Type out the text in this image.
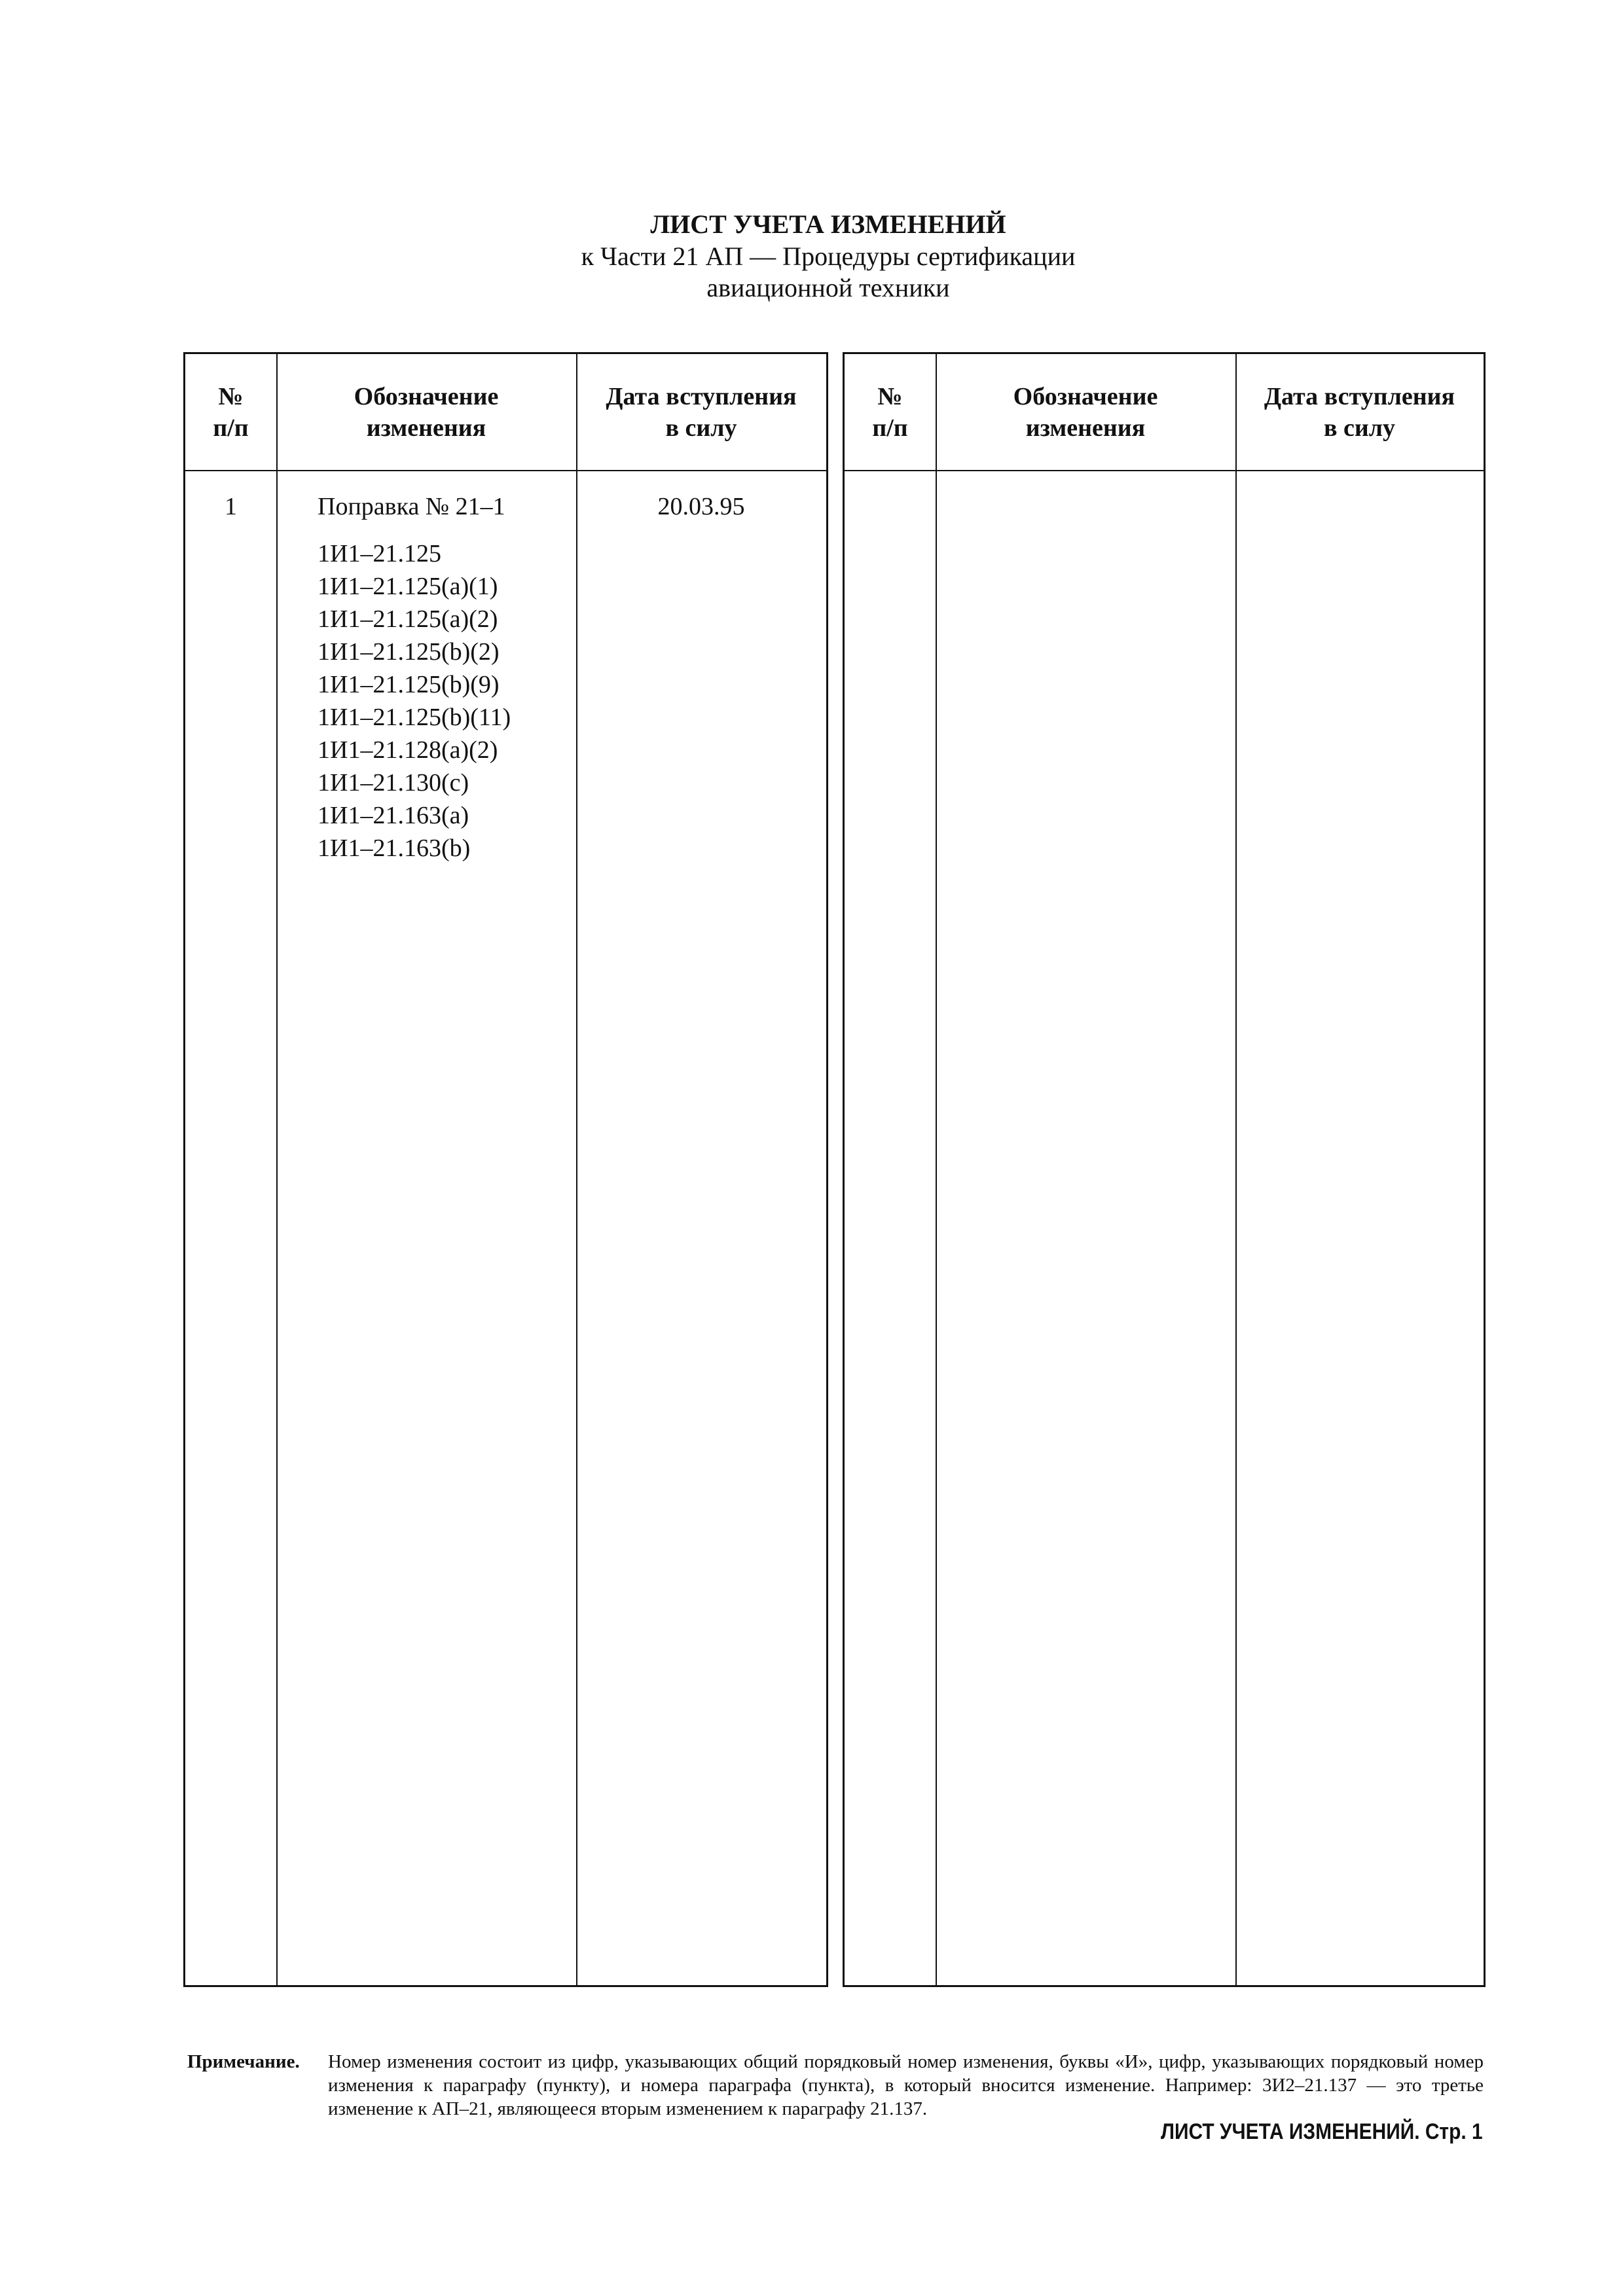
ЛИСТ УЧЕТА ИЗМЕНЕНИЙ
к Части 21 АП — Процедуры сертификации
авиационной техники
№
п/п
Обозначение
изменения
Дата вступления
в силу
1	Поправка № 21–1	20.03.95
1И1–21.125
1И1–21.125(a)(1)
1И1–21.125(a)(2)
1И1–21.125(b)(2)
1И1–21.125(b)(9)
1И1–21.125(b)(11)
1И1–21.128(a)(2)
1И1–21.130(c)
1И1–21.163(a)
1И1–21.163(b)
№
п/п
Обозначение
изменения
Дата вступления
в силу
Примечание. Номер изменения состоит из цифр, указывающих общий порядковый номер изменения, буквы «И», цифр, указывающих порядковый номер изменения к параграфу (пункту), и номера параграфа (пункта), в который вносится изменение. Например: 3И2–21.137 — это третье изменение к АП–21, являющееся вторым изменением к параграфу 21.137.
ЛИСТ УЧЕТА ИЗМЕНЕНИЙ. Стр. 1
